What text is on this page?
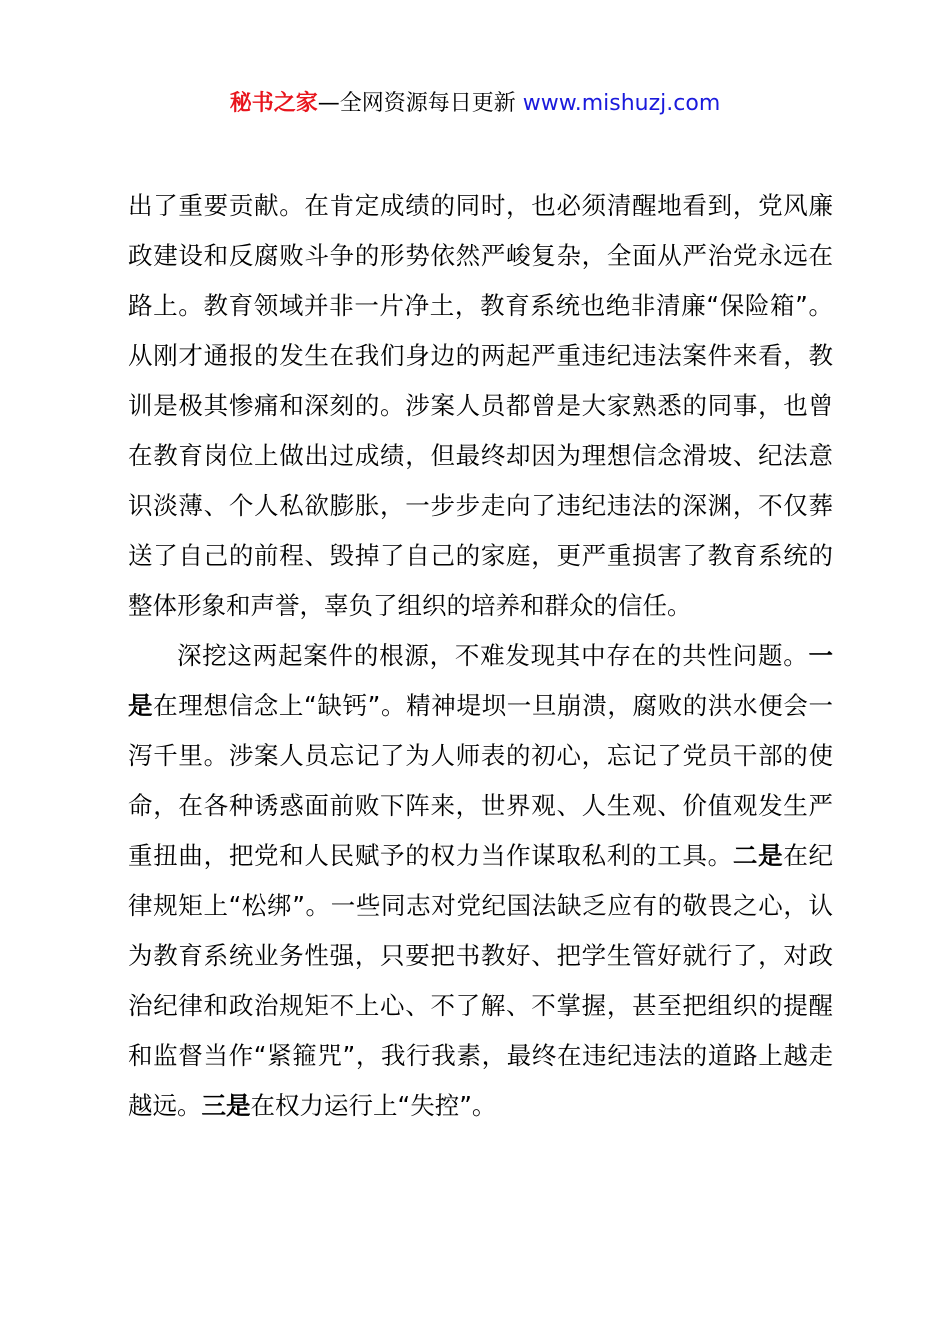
秘书之家—全网资源每日更新 www.mishuzj.com

出了重要贡献。在肯定成绩的同时，也必须清醒地看到，党风廉政建设和反腐败斗争的形势依然严峻复杂，全面从严治党永远在路上。教育领域并非一片净土，教育系统也绝非清廉“保险箱”。从刚才通报的发生在我们身边的两起严重违纪违法案件来看，教训是极其惨痛和深刻的。涉案人员都曾是大家熟悉的同事，也曾在教育岗位上做出过成绩，但最终却因为理想信念滑坡、纪法意识淡薄、个人私欲膨胀，一步步走向了违纪违法的深渊，不仅葬送了自己的前程、毁掉了自己的家庭，更严重损害了教育系统的整体形象和声誉，辜负了组织的培养和群众的信任。

深挖这两起案件的根源，不难发现其中存在的共性问题。一是在理想信念上“缺钙”。精神堤坝一旦崩溃，腐败的洪水便会一泻千里。涉案人员忘记了为人师表的初心，忘记了党员干部的使命，在各种诱惑面前败下阵来，世界观、人生观、价值观发生严重扭曲，把党和人民赋予的权力当作谋取私利的工具。二是在纪律规矩上“松绑”。一些同志对党纪国法缺乏应有的敬畏之心，认为教育系统业务性强，只要把书教好、把学生管好就行了，对政治纪律和政治规矩不上心、不了解、不掌握，甚至把组织的提醒和监督当作“紧箍咒”，我行我素，最终在违纪违法的道路上越走越远。三是在权力运行上“失控”。
